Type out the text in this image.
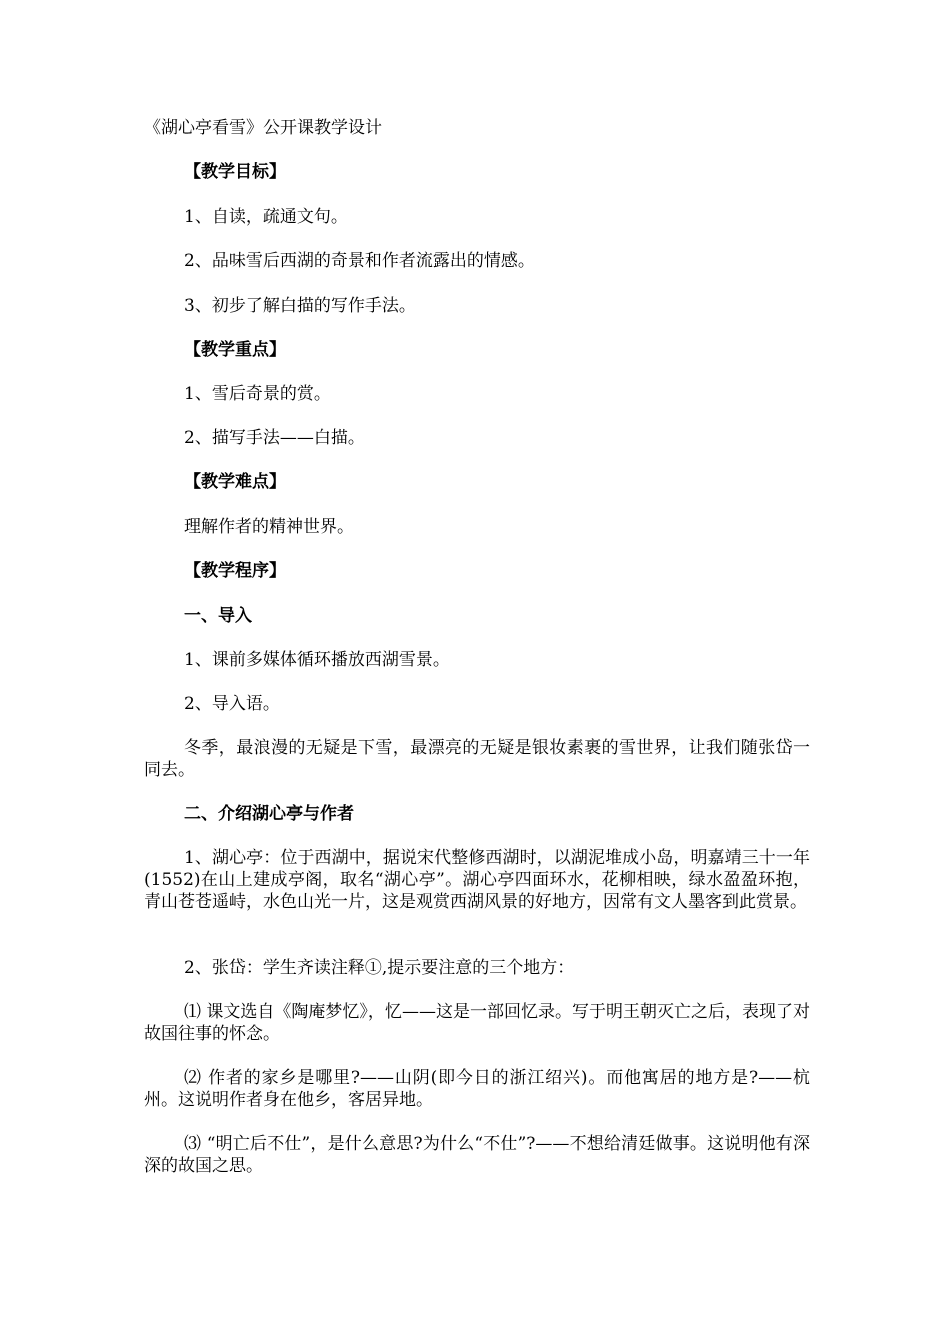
《湖心亭看雪》公开课教学设计
【教学目标】
1、自读，疏通文句。
2、品味雪后西湖的奇景和作者流露出的情感。
3、初步了解白描的写作手法。
【教学重点】
1、雪后奇景的赏。
2、描写手法——白描。
【教学难点】
理解作者的精神世界。
【教学程序】
一、导入
1、课前多媒体循环播放西湖雪景。
2、导入语。
冬季，最浪漫的无疑是下雪，最漂亮的无疑是银妆素裹的雪世界，让我们随张岱一同去。
二、介绍湖心亭与作者
1、湖心亭：位于西湖中，据说宋代整修西湖时，以湖泥堆成小岛，明嘉靖三十一年(1552)在山上建成亭阁，取名“湖心亭”。湖心亭四面环水，花柳相映，绿水盈盈环抱，青山苍苍遥峙，水色山光一片，这是观赏西湖风景的好地方，因常有文人墨客到此赏景。
2、张岱：学生齐读注释①,提示要注意的三个地方：
⑴ 课文选自《陶庵梦忆》，忆——这是一部回忆录。写于明王朝灭亡之后，表现了对故国往事的怀念。
⑵ 作者的家乡是哪里?——山阴(即今日的浙江绍兴)。而他寓居的地方是?——杭州。这说明作者身在他乡，客居异地。
⑶ “明亡后不仕”，是什么意思?为什么“不仕”?——不想给清廷做事。这说明他有深深的故国之思。
